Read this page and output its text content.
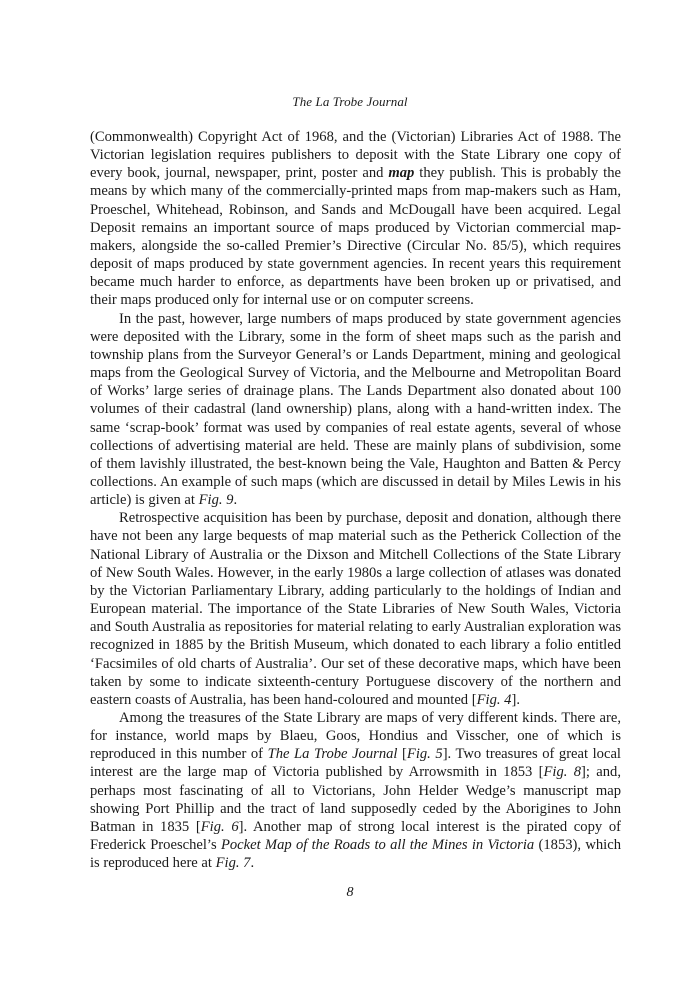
The La Trobe Journal

(Commonwealth) Copyright Act of 1968, and the (Victorian) Libraries Act of 1988. The Victorian legislation requires publishers to deposit with the State Library one copy of every book, journal, newspaper, print, poster and map they publish. This is probably the means by which many of the commercially-printed maps from map-makers such as Ham, Proeschel, Whitehead, Robinson, and Sands and McDougall have been acquired. Legal Deposit remains an important source of maps produced by Victorian commercial map-makers, alongside the so-called Premier’s Directive (Circular No. 85/5), which requires deposit of maps produced by state government agencies. In recent years this requirement became much harder to enforce, as departments have been broken up or privatised, and their maps produced only for internal use or on computer screens.

In the past, however, large numbers of maps produced by state government agencies were deposited with the Library, some in the form of sheet maps such as the parish and township plans from the Surveyor General’s or Lands Department, mining and geological maps from the Geological Survey of Victoria, and the Melbourne and Metropolitan Board of Works’ large series of drainage plans. The Lands Department also donated about 100 volumes of their cadastral (land ownership) plans, along with a hand-written index. The same ‘scrap-book’ format was used by companies of real estate agents, several of whose collections of advertising material are held. These are mainly plans of subdivision, some of them lavishly illustrated, the best-known being the Vale, Haughton and Batten & Percy collections. An example of such maps (which are discussed in detail by Miles Lewis in his article) is given at Fig. 9.

Retrospective acquisition has been by purchase, deposit and donation, although there have not been any large bequests of map material such as the Petherick Collection of the National Library of Australia or the Dixson and Mitchell Collections of the State Library of New South Wales. However, in the early 1980s a large collection of atlases was donated by the Victorian Parliamentary Library, adding particularly to the holdings of Indian and European material. The importance of the State Libraries of New South Wales, Victoria and South Australia as repositories for material relating to early Australian exploration was recognized in 1885 by the British Museum, which donated to each library a folio entitled ‘Facsimiles of old charts of Australia’. Our set of these decorative maps, which have been taken by some to indicate sixteenth-century Portuguese discovery of the northern and eastern coasts of Australia, has been hand-coloured and mounted [Fig. 4].

Among the treasures of the State Library are maps of very different kinds. There are, for instance, world maps by Blaeu, Goos, Hondius and Visscher, one of which is reproduced in this number of The La Trobe Journal [Fig. 5]. Two treasures of great local interest are the large map of Victoria published by Arrowsmith in 1853 [Fig. 8]; and, perhaps most fascinating of all to Victorians, John Helder Wedge’s manuscript map showing Port Phillip and the tract of land supposedly ceded by the Aborigines to John Batman in 1835 [Fig. 6]. Another map of strong local interest is the pirated copy of Frederick Proeschel’s Pocket Map of the Roads to all the Mines in Victoria (1853), which is reproduced here at Fig. 7.

8
